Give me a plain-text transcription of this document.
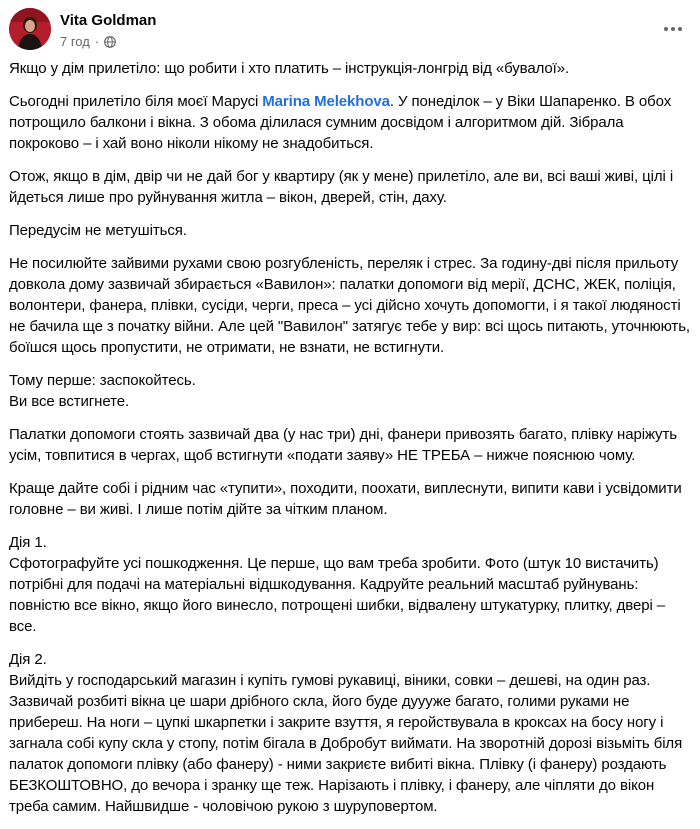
Vita Goldman
7 год ·

Якщо у дім прилетіло: що робити і хто платить – інструкція-лонгрід від «бувалої».

Сьогодні прилетіло біля моєї Марусі Marina Melekhova. У понеділок – у Віки Шапаренко. В обох потрощило балкони і вікна. З обома ділилася сумним досвідом і алгоритмом дій. Зібрала покроково – і хай воно ніколи нікому не знадобиться.

Отож, якщо в дім, двір чи не дай бог у квартиру (як у мене) прилетіло, але ви, всі ваші живі, цілі і йдеться лише про руйнування житла – вікон, дверей, стін, даху.

Передусім не метушіться.

Не посилюйте зайвими рухами свою розгубленість, переляк і стрес. За годину-дві після прильоту довкола дому зазвичай збирається «Вавилон»: палатки допомоги від мерії, ДСНС, ЖЕК, поліція, волонтери, фанера, плівки, сусіди, черги, преса – усі дійсно хочуть допомогти, і я такої людяності не бачила ще з початку війни. Але цей "Вавилон" затягує тебе у вир: всі щось питають, уточнюють, боїшся щось пропустити, не отримати, не взнати, не встигнути.

Тому перше: заспокойтесь.
Ви все встигнете.

Палатки допомоги стоять зазвичай два (у нас три) дні, фанери привозять багато, плівку наріжуть усім, товпитися в чергах, щоб встигнути «подати заяву» НЕ ТРЕБА – нижче пояснюю чому.

Краще дайте собі і рідним час «тупити», походити, поохати, виплеснути, випити кави і усвідомити головне – ви живі. І лише потім дійте за чітким планом.

Дія 1.
Сфотографуйте усі пошкодження. Це перше, що вам треба зробити. Фото (штук 10 вистачить) потрібні для подачі на матеріальні відшкодування. Кадруйте реальний масштаб руйнувань: повністю все вікно, якщо його винесло, потрощені шибки, відвалену штукатурку, плитку, двері – все.

Дія 2.
Вийдіть у господарський магазин і купіть гумові рукавиці, віники, совки – дешеві, на один раз. Зазвичай розбиті вікна це шари дрібного скла, його буде дуууже багато, голими руками не прибереш. На ноги – цупкі шкарпетки і закрите взуття, я геройствувала в кроксах на босу ногу і загнала собі купу скла у стопу, потім бігала в Добробут виймати. На зворотній дорозі візьміть біля палаток допомоги плівку (або фанеру) - ними закриєте вибиті вікна. Плівку (і фанеру) роздають БЕЗКОШТОВНО, до вечора і зранку ще теж. Нарізають і плівку, і фанеру, але чіпляти до вікон треба самим. Найшвидше - чоловічою рукою з шуруповертом.
